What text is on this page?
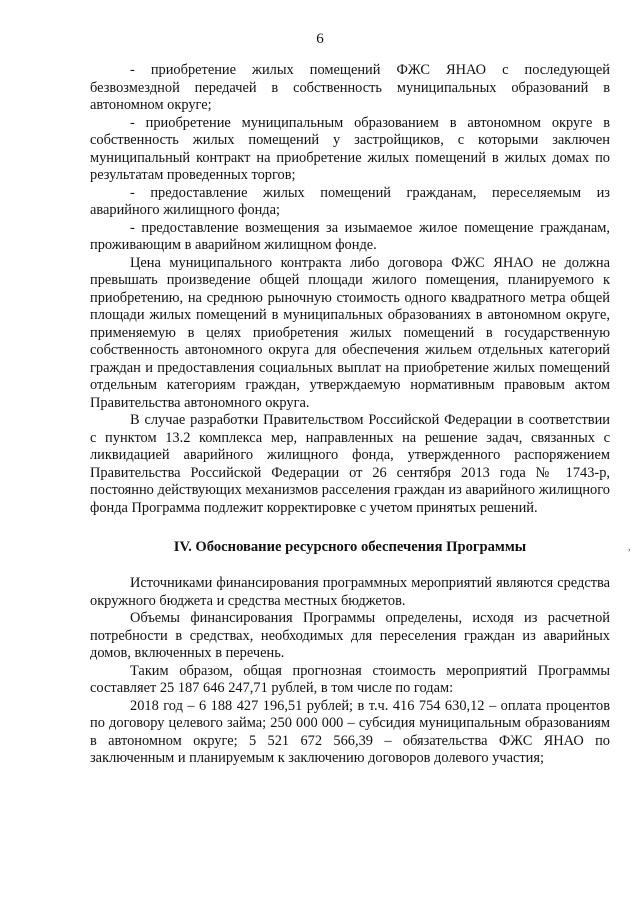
6

- приобретение жилых помещений ФЖС ЯНАО с последующей безвозмездной передачей в собственность муниципальных образований в автономном округе;

- приобретение муниципальным образованием в автономном округе в собственность жилых помещений у застройщиков, с которыми заключен муниципальный контракт на приобретение жилых помещений в жилых домах по результатам проведенных торгов;

- предоставление жилых помещений гражданам, переселяемым из аварийного жилищного фонда;

- предоставление возмещения за изымаемое жилое помещение гражданам, проживающим в аварийном жилищном фонде.

Цена муниципального контракта либо договора ФЖС ЯНАО не должна превышать произведение общей площади жилого помещения, планируемого к приобретению, на среднюю рыночную стоимость одного квадратного метра общей площади жилых помещений в муниципальных образованиях в автономном округе, применяемую в целях приобретения жилых помещений в государственную собственность автономного округа для обеспечения жильем отдельных категорий граждан и предоставления социальных выплат на приобретение жилых помещений отдельным категориям граждан, утверждаемую нормативным правовым актом Правительства автономного округа.

В случае разработки Правительством Российской Федерации в соответствии с пунктом 13.2 комплекса мер, направленных на решение задач, связанных с ликвидацией аварийного жилищного фонда, утвержденного распоряжением Правительства Российской Федерации от 26 сентября 2013 года № 1743-р, постоянно действующих механизмов расселения граждан из аварийного жилищного фонда Программа подлежит корректировке с учетом принятых решений.

IV. Обоснование ресурсного обеспечения Программы

Источниками финансирования программных мероприятий являются средства окружного бюджета и средства местных бюджетов.

Объемы финансирования Программы определены, исходя из расчетной потребности в средствах, необходимых для переселения граждан из аварийных домов, включенных в перечень.

Таким образом, общая прогнозная стоимость мероприятий Программы составляет 25 187 646 247,71 рублей, в том числе по годам:

2018 год – 6 188 427 196,51 рублей; в т.ч. 416 754 630,12 – оплата процентов по договору целевого займа; 250 000 000 – субсидия муниципальным образованиям в автономном округе; 5 521 672 566,39 – обязательства ФЖС ЯНАО по заключенным и планируемым к заключению договоров долевого участия;

,
